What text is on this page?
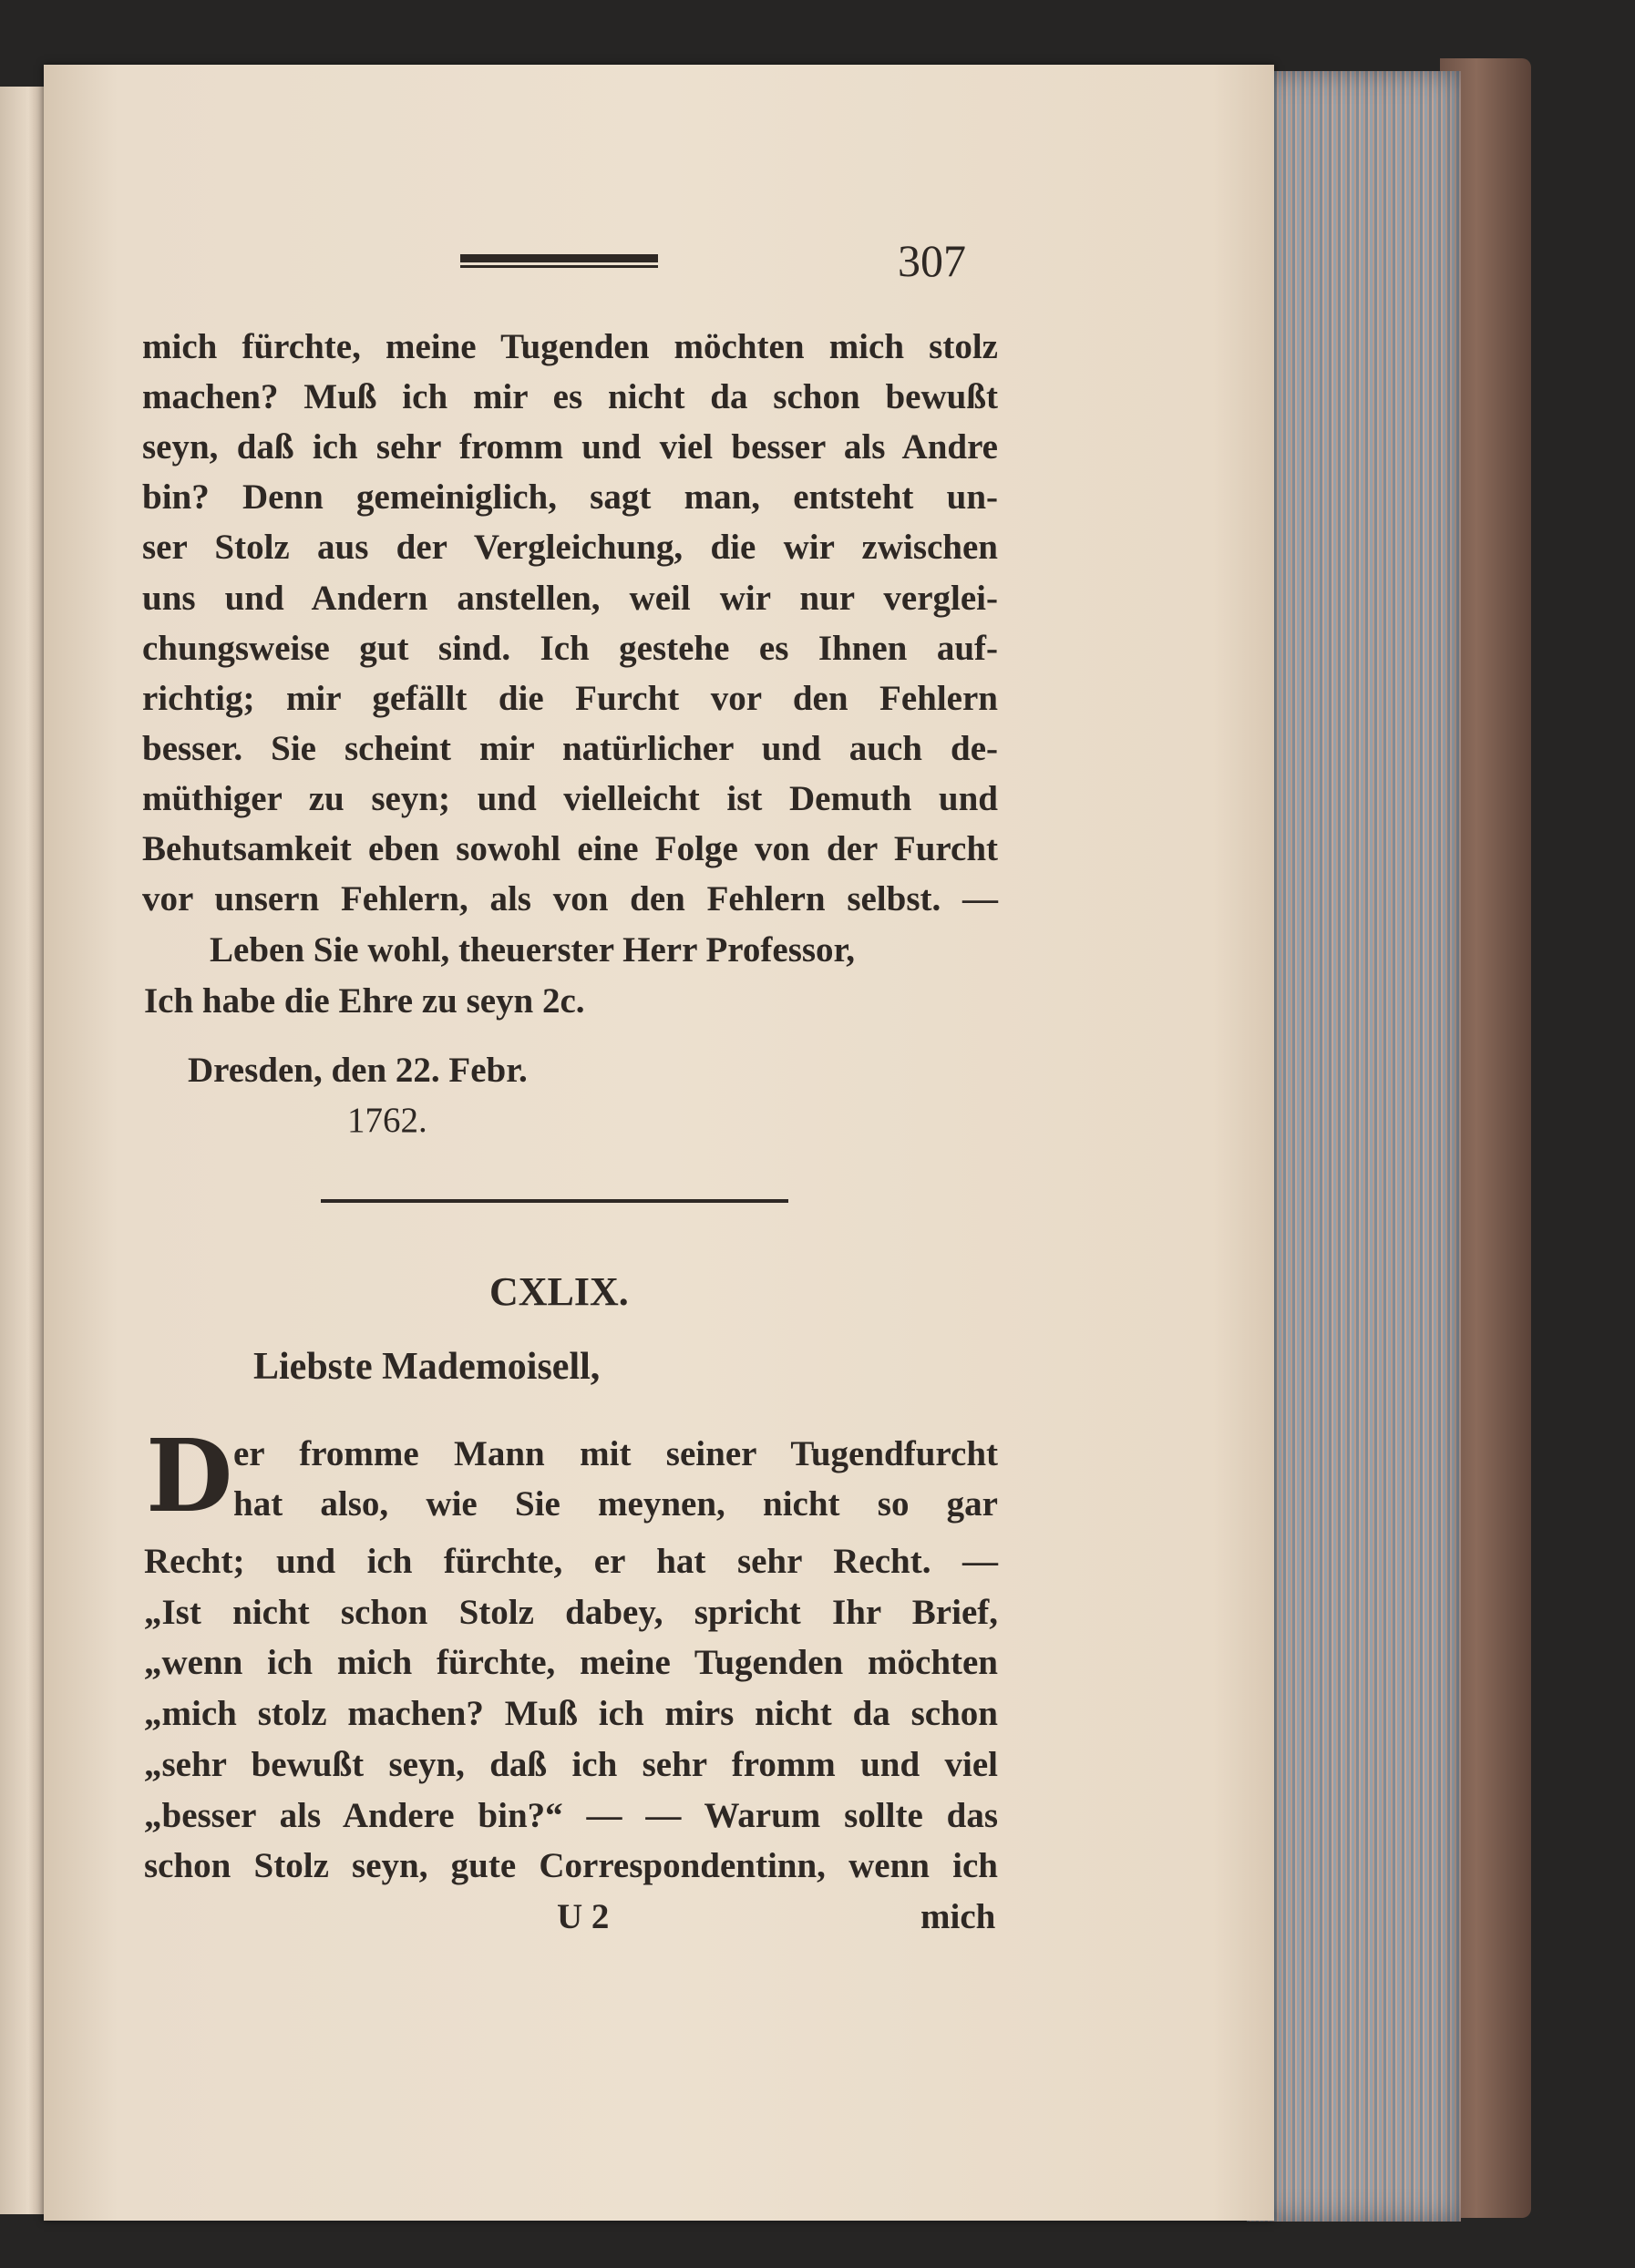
307
mich fürchte, meine Tugenden möchten mich stolz
machen? Muß ich mir es nicht da schon bewußt
seyn, daß ich sehr fromm und viel besser als Andre
bin? Denn gemeiniglich, sagt man, entsteht un-
ser Stolz aus der Vergleichung, die wir zwischen
uns und Andern anstellen, weil wir nur verglei-
chungsweise gut sind. Ich gestehe es Ihnen auf-
richtig; mir gefällt die Furcht vor den Fehlern
besser. Sie scheint mir natürlicher und auch de-
müthiger zu seyn; und vielleicht ist Demuth und
Behutsamkeit eben sowohl eine Folge von der Furcht
vor unsern Fehlern, als von den Fehlern selbst. —
Leben Sie wohl, theuerster Herr Professor,
Ich habe die Ehre zu seyn 2c.
Dresden, den 22. Febr.
1762.
CXLIX.
Liebste Mademoisell,
D er fromme Mann mit seiner Tugendfurcht
hat also, wie Sie meynen, nicht so gar
Recht; und ich fürchte, er hat sehr Recht. —
„Ist nicht schon Stolz dabey, spricht Ihr Brief,
„wenn ich mich fürchte, meine Tugenden möchten
„mich stolz machen? Muß ich mirs nicht da schon
„sehr bewußt seyn, daß ich sehr fromm und viel
„besser als Andere bin?“ — — Warum sollte das
schon Stolz seyn, gute Correspondentinn, wenn ich
U 2	mich
